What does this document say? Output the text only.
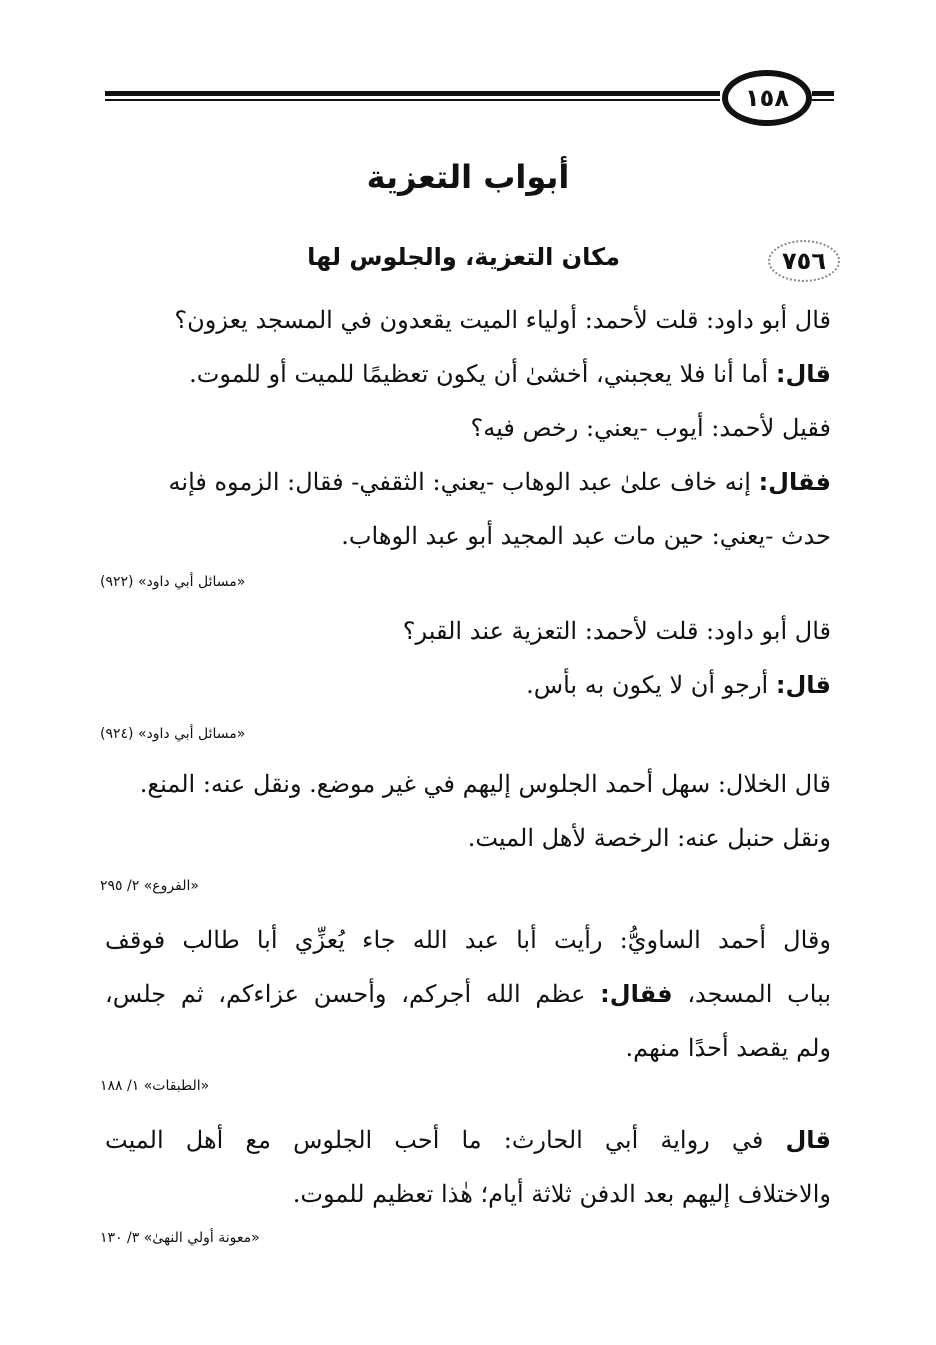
١٥٨
أبواب التعزية
٧٥٦
مكان التعزية، والجلوس لها
قال أبو داود: قلت لأحمد: أولياء الميت يقعدون في المسجد يعزون؟
قال: أما أنا فلا يعجبني، أخشىٰ أن يكون تعظيمًا للميت أو للموت.
فقيل لأحمد: أيوب -يعني: رخص فيه؟
فقال: إنه خاف علىٰ عبد الوهاب -يعني: الثقفي- فقال: الزموه فإنه
حدث -يعني: حين مات عبد المجيد أبو عبد الوهاب.
«مسائل أبي داود» (٩٢٢)
قال أبو داود: قلت لأحمد: التعزية عند القبر؟
قال: أرجو أن لا يكون به بأس.
«مسائل أبي داود» (٩٢٤)
قال الخلال: سهل أحمد الجلوس إليهم في غير موضع. ونقل عنه: المنع.
ونقل حنبل عنه: الرخصة لأهل الميت.
«الفروع» ٢/ ٢٩٥
وقال أحمد الساويُّ: رأيت أبا عبد الله جاء يُعزِّي أبا طالب فوقف
بباب المسجد، فقال: عظم الله أجركم، وأحسن عزاءكم، ثم جلس،
ولم يقصد أحدًا منهم.
«الطبقات» ١/ ١٨٨
قال في رواية أبي الحارث: ما أحب الجلوس مع أهل الميت
والاختلاف إليهم بعد الدفن ثلاثة أيام؛ هٰذا تعظيم للموت.
«معونة أولي النهىٰ» ٣/ ١٣٠
